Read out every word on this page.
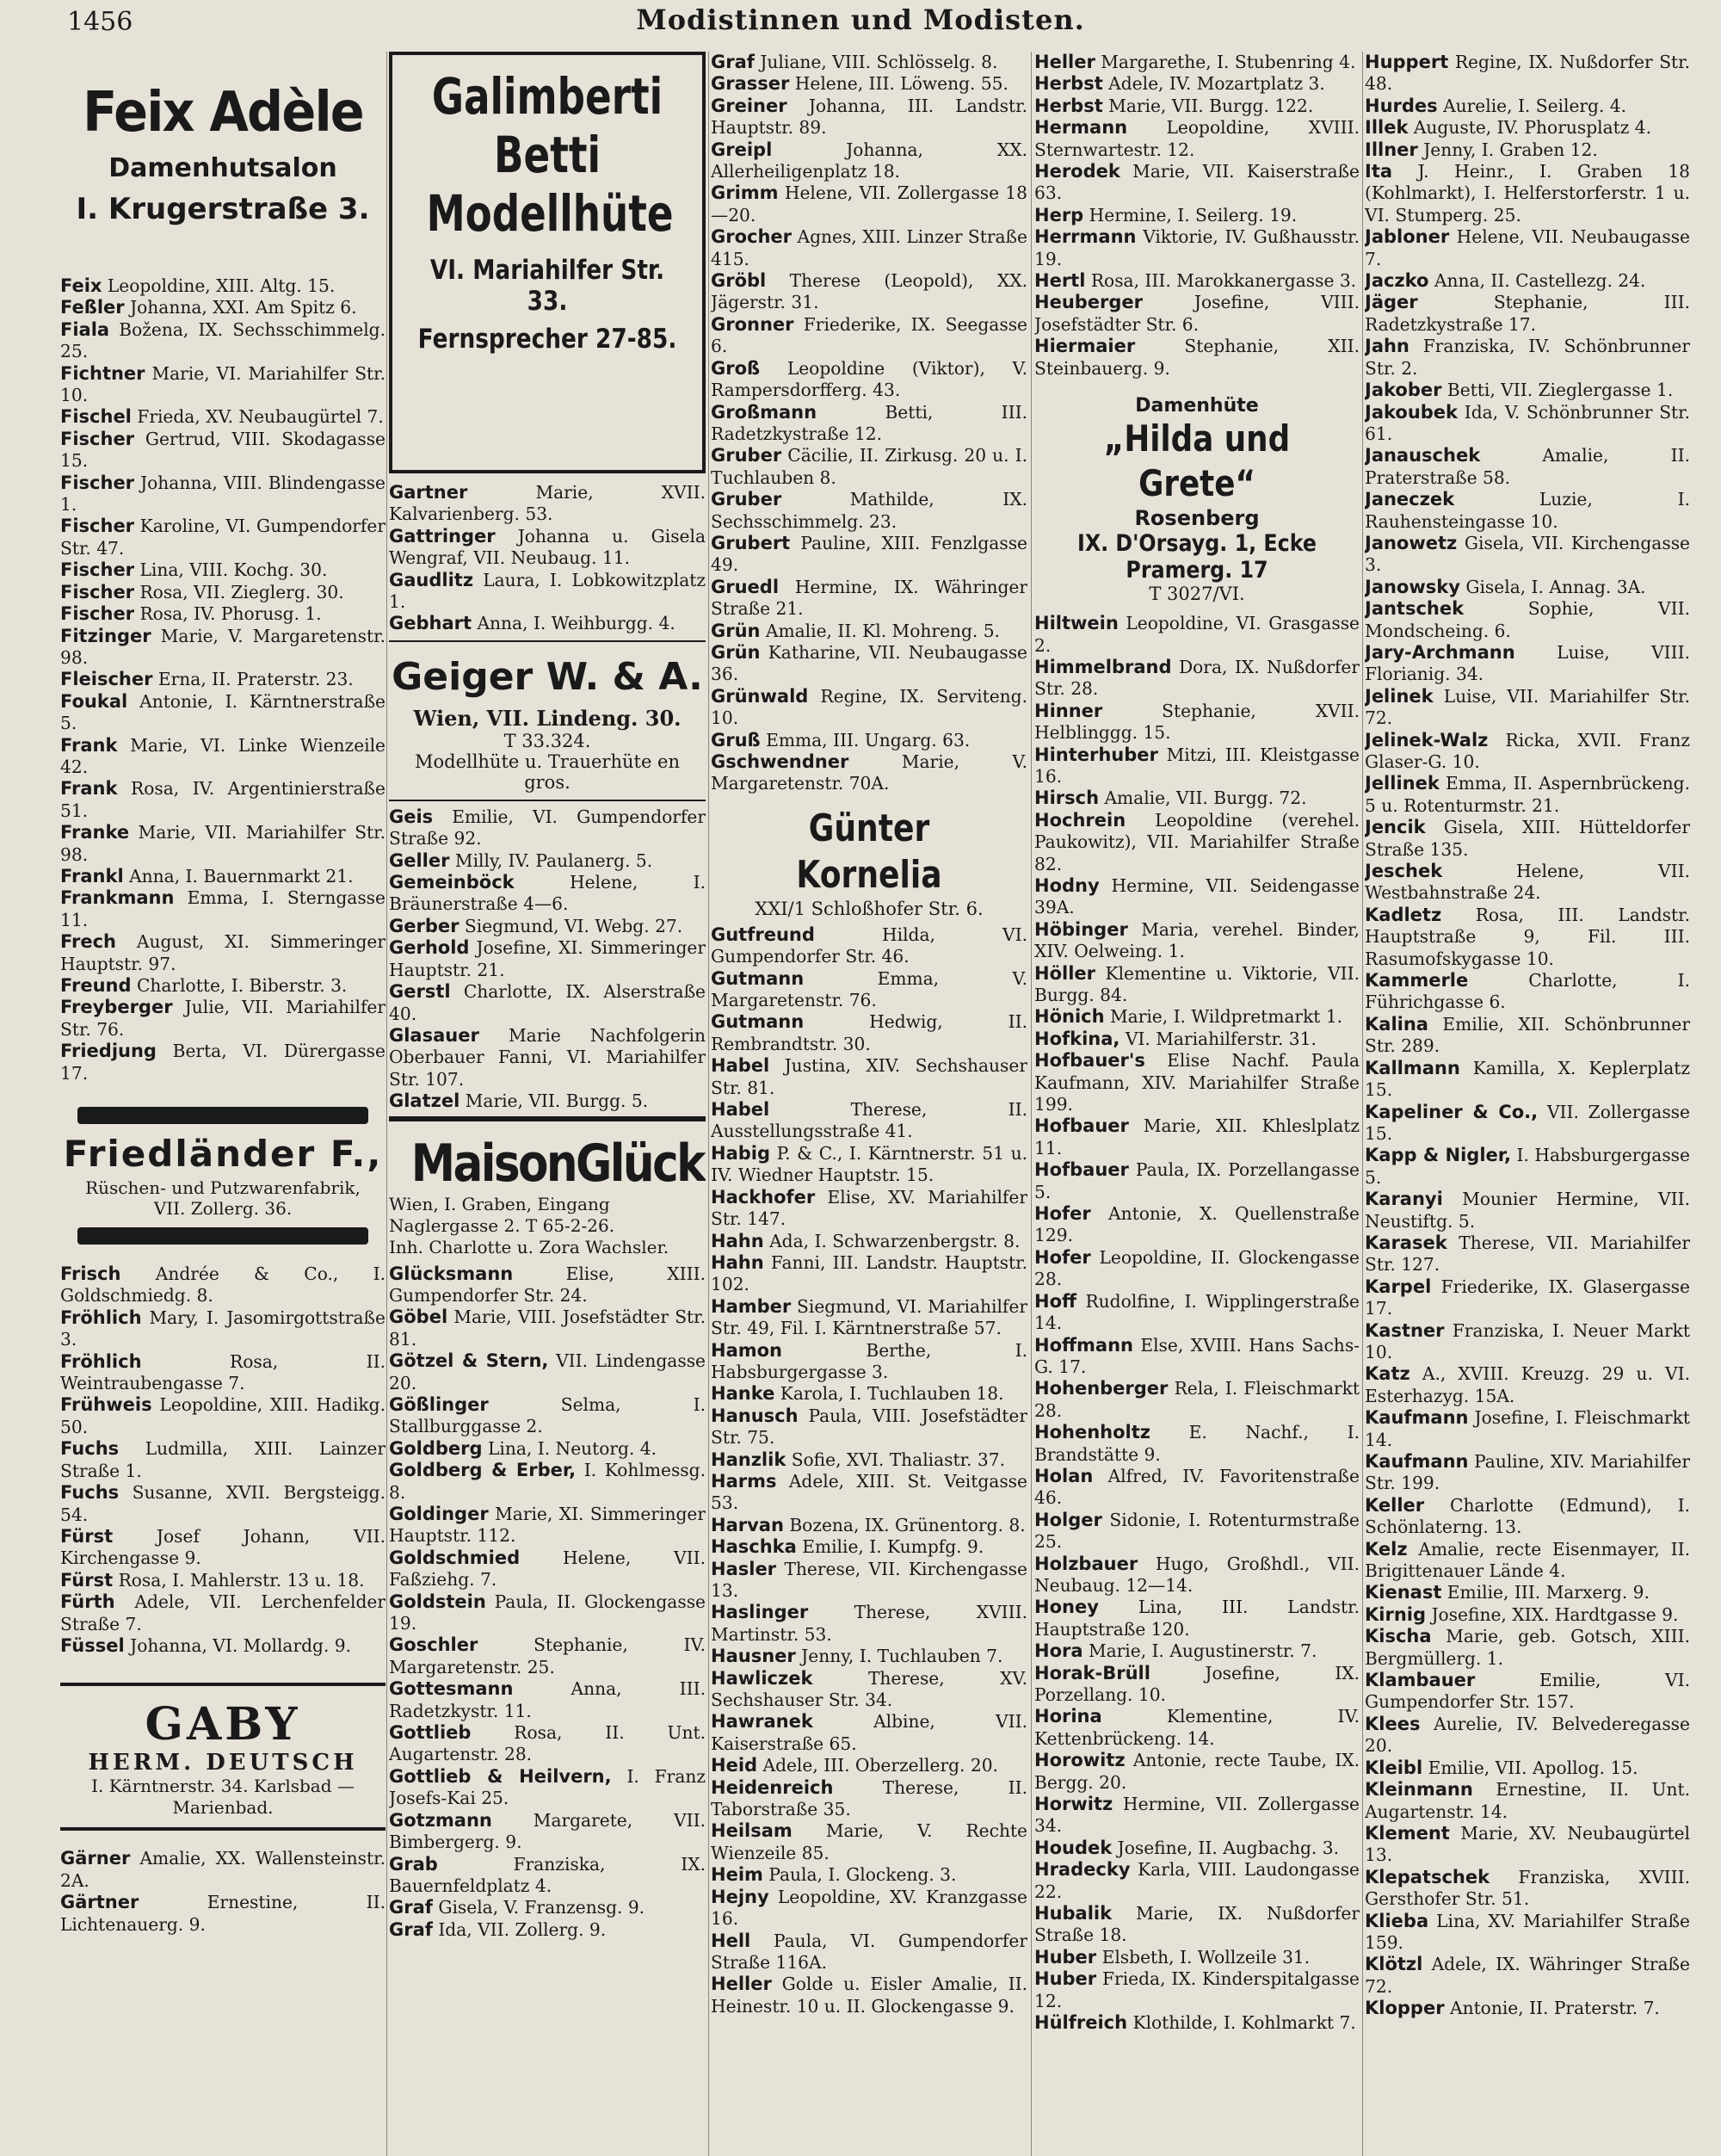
1456	Modistinnen und Modisten.
Feix Adèle
Damenhutsalon
I. Krugerstraße 3.
Feix Leopoldine, XIII. Altg. 15.
Feßler Johanna, XXI. Am Spitz 6.
Fiala Božena, IX. Sechsschimmelg. 25.
Fichtner Marie, VI. Mariahilfer Str. 10.
Fischel Frieda, XV. Neubaugürtel 7.
Fischer Gertrud, VIII. Skodagasse 15.
Fischer Johanna, VIII. Blindengasse 1.
Fischer Karoline, VI. Gumpendorfer Str. 47.
Fischer Lina, VIII. Kochg. 30.
Fischer Rosa, VII. Zieglerg. 30.
Fischer Rosa, IV. Phorusg. 1.
Fitzinger Marie, V. Margaretenstr. 98.
Fleischer Erna, II. Praterstr. 23.
Foukal Antonie, I. Kärntnerstraße 5.
Frank Marie, VI. Linke Wienzeile 42.
Frank Rosa, IV. Argentinierstraße 51.
Franke Marie, VII. Mariahilfer Str. 98.
Frankl Anna, I. Bauernmarkt 21.
Frankmann Emma, I. Sterngasse 11.
Frech August, XI. Simmeringer Hauptstr. 97.
Freund Charlotte, I. Biberstr. 3.
Freyberger Julie, VII. Mariahilfer Str. 76.
Friedjung Berta, VI. Dürergasse 17.
Friedländer F.,
Rüschen- und Putzwarenfabrik,
VII. Zollerg. 36.
Frisch Andrée & Co., I. Goldschmiedg. 8.
Fröhlich Mary, I. Jasomirgottstraße 3.
Fröhlich	Rosa, II. Weintraubengasse 7.
Frühweis Leopoldine, XIII. Hadikg. 50.
Fuchs Ludmilla, XIII. Lainzer Straße 1.
Fuchs Susanne, XVII. Bergsteigg. 54.
Fürst	Josef Johann, VII. Kirchengasse 9.
Fürst Rosa, I. Mahlerstr. 13 u. 18.
Fürth Adele, VII. Lerchenfelder Straße 7.
Füssel Johanna, VI. Mollardg. 9.
GABY
HERM. DEUTSCH
I. Kärntnerstr. 34. Karlsbad —
Marienbad.
Gärner Amalie, XX. Wallensteinstr. 2A.
Gärtner	Ernestine, II. Lichtenauerg. 9.
Galimberti
Betti
Modellhüte
VI. Mariahilfer Str. 33.
Fernsprecher 27-85.
Gartner	Marie, XVII. Kalvarienberg. 53.
Gattringer Johanna u. Gisela Wengraf, VII. Neubaug. 11.
Gaudlitz Laura, I. Lobkowitzplatz 1.
Gebhart Anna, I. Weihburgg. 4.
Geiger W. & A.
Wien, VII. Lindeng. 30.
T 33.324.
Modellhüte u. Trauerhüte en gros.
Geis Emilie, VI. Gumpendorfer Straße 92.
Geller Milly, IV. Paulanerg. 5.
Gemeinböck	Helene, I. Bräunerstraße 4—6.
Gerber Siegmund, VI. Webg. 27.
Gerhold Josefine, XI. Simmeringer Hauptstr. 21.
Gerstl Charlotte, IX. Alserstraße 40.
Glasauer Marie Nachfolgerin Oberbauer Fanni, VI. Mariahilfer Str. 107.
Glatzel Marie, VII. Burgg. 5.
MaisonGlück
Wien, I. Graben, Eingang Naglergasse 2. T 65-2-26.
Inh. Charlotte u. Zora Wachsler.
Glücksmann	Elise, XIII. Gumpendorfer Str. 24.
Göbel Marie, VIII. Josefstädter Str. 81.
Götzel & Stern, VII. Lindengasse 20.
Gößlinger	Selma, I. Stallburggasse 2.
Goldberg Lina, I. Neutorg. 4.
Goldberg & Erber, I. Kohlmessg. 8.
Goldinger Marie, XI. Simmeringer Hauptstr. 112.
Goldschmied Helene, VII. Faßziehg. 7.
Goldstein Paula, II. Glockengasse 19.
Goschler	Stephanie, IV. Margaretenstr. 25.
Gottesmann	Anna, III. Radetzkystr. 11.
Gottlieb Rosa, II. Unt. Augartenstr. 28.
Gottlieb & Heilvern, I. Franz Josefs-Kai 25.
Gotzmann Margarete, VII. Bimbergerg. 9.
Grab	Franziska, IX. Bauernfeldplatz 4.
Graf Gisela, V. Franzensg. 9.
Graf Ida, VII. Zollerg. 9.
Graf Juliane, VIII. Schlösselg. 8.
Grasser Helene, III. Löweng. 55.
Greiner Johanna, III. Landstr. Hauptstr. 89.
Greipl	Johanna, XX. Allerheiligenplatz 18.
Grimm Helene, VII. Zollergasse 18—20.
Grocher Agnes, XIII. Linzer Straße 415.
Gröbl Therese (Leopold), XX. Jägerstr. 31.
Gronner Friederike, IX. Seegasse 6.
Groß Leopoldine (Viktor), V. Rampersdorfferg. 43.
Großmann	Betti, III. Radetzkystraße 12.
Gruber Cäcilie, II. Zirkusg. 20 u. I. Tuchlauben 8.
Gruber	Mathilde, IX. Sechsschimmelg. 23.
Grubert Pauline, XIII. Fenzlgasse 49.
Gruedl Hermine, IX. Währinger Straße 21.
Grün Amalie, II. Kl. Mohreng. 5.
Grün Katharine, VII. Neubaugasse 36.
Grünwald Regine, IX. Serviteng. 10.
Gruß Emma, III. Ungarg. 63.
Gschwendner	Marie, V. Margaretenstr. 70A.
Günter Kornelia
XXI/1 Schloßhofer Str. 6.
Gutfreund	Hilda, VI. Gumpendorfer Str. 46.
Gutmann	Emma, V. Margaretenstr. 76.
Gutmann	Hedwig, II. Rembrandtstr. 30.
Habel Justina, XIV. Sechshauser Str. 81.
Habel	Therese, II. Ausstellungsstraße 41.
Habig P. & C., I. Kärntnerstr. 51 u. IV. Wiedner Hauptstr. 15.
Hackhofer Elise, XV. Mariahilfer Str. 147.
Hahn Ada, I. Schwarzenbergstr. 8.
Hahn Fanni, III. Landstr. Hauptstr. 102.
Hamber Siegmund, VI. Mariahilfer Str. 49, Fil. I. Kärntnerstraße 57.
Hamon	Berthe, I. Habsburgergasse 3.
Hanke Karola, I. Tuchlauben 18.
Hanusch Paula, VIII. Josefstädter Str. 75.
Hanzlik Sofie, XVI. Thaliastr. 37.
Harms Adele, XIII. St. Veitgasse 53.
Harvan Bozena, IX. Grünentorg. 8.
Haschka Emilie, I. Kumpfg. 9.
Hasler Therese, VII. Kirchengasse 13.
Haslinger	Therese, XVIII. Martinstr. 53.
Hausner Jenny, I. Tuchlauben 7.
Hawliczek	Therese, XV. Sechshauser Str. 34.
Hawranek	Albine, VII. Kaiserstraße 65.
Heid Adele, III. Oberzellerg. 20.
Heidenreich	Therese, II. Taborstraße 35.
Heilsam Marie, V. Rechte Wienzeile 85.
Heim Paula, I. Glockeng. 3.
Hejny Leopoldine, XV. Kranzgasse 16.
Hell Paula, VI. Gumpendorfer Straße 116A.
Heller Golde u. Eisler Amalie, II. Heinestr. 10 u. II. Glockengasse 9.
Heller Margarethe, I. Stubenring 4.
Herbst Adele, IV. Mozartplatz 3.
Herbst Marie, VII. Burgg. 122.
Hermann Leopoldine, XVIII. Sternwartestr. 12.
Herodek Marie, VII. Kaiserstraße 63.
Herp Hermine, I. Seilerg. 19.
Herrmann Viktorie, IV. Gußhausstr. 19.
Hertl Rosa, III. Marokkanergasse 3.
Heuberger	Josefine, VIII. Josefstädter Str. 6.
Hiermaier	Stephanie, XII. Steinbauerg. 9.
Damenhüte
„Hilda und Grete“
Rosenberg
IX. D'Orsayg. 1, Ecke Pramerg. 17
T 3027/VI.
Hiltwein Leopoldine, VI. Grasgasse 2.
Himmelbrand Dora, IX. Nußdorfer Str. 28.
Hinner	Stephanie, XVII. Helblinggg. 15.
Hinterhuber Mitzi, III. Kleistgasse 16.
Hirsch Amalie, VII. Burgg. 72.
Hochrein Leopoldine (verehel. Paukowitz), VII. Mariahilfer Straße 82.
Hodny Hermine, VII. Seidengasse 39A.
Höbinger Maria, verehel. Binder, XIV. Oelweing. 1.
Höller Klementine u. Viktorie, VII. Burgg. 84.
Hönich Marie, I. Wildpretmarkt 1.
Hofkina, VI. Mariahilferstr. 31.
Hofbauer's Elise Nachf. Paula Kaufmann, XIV. Mariahilfer Straße 199.
Hofbauer Marie, XII. Khleslplatz 11.
Hofbauer Paula, IX. Porzellangasse 5.
Hofer Antonie, X. Quellenstraße 129.
Hofer Leopoldine, II. Glockengasse 28.
Hoff Rudolfine, I. Wipplingerstraße 14.
Hoffmann Else, XVIII. Hans Sachs-G. 17.
Hohenberger Rela, I. Fleischmarkt 28.
Hohenholtz E. Nachf., I. Brandstätte 9.
Holan Alfred, IV. Favoritenstraße 46.
Holger Sidonie, I. Rotenturmstraße 25.
Holzbauer Hugo, Großhdl., VII. Neubaug. 12—14.
Honey Lina, III. Landstr. Hauptstraße 120.
Hora Marie, I. Augustinerstr. 7.
Horak-Brüll	Josefine, IX. Porzellang. 10.
Horina	Klementine, IV. Kettenbrückeng. 14.
Horowitz Antonie, recte Taube, IX. Bergg. 20.
Horwitz Hermine, VII. Zollergasse 34.
Houdek Josefine, II. Augbachg. 3.
Hradecky Karla, VIII. Laudongasse 22.
Hubalik Marie, IX. Nußdorfer Straße 18.
Huber Elsbeth, I. Wollzeile 31.
Huber Frieda, IX. Kinderspitalgasse 12.
Hülfreich Klothilde, I. Kohlmarkt 7.
Huppert Regine, IX. Nußdorfer Str. 48.
Hurdes Aurelie, I. Seilerg. 4.
Illek Auguste, IV. Phorusplatz 4.
Illner Jenny, I. Graben 12.
Ita J. Heinr., I. Graben 18 (Kohlmarkt), I. Helferstorferstr. 1 u. VI. Stumperg. 25.
Jabloner Helene, VII. Neubaugasse 7.
Jaczko Anna, II. Castellezg. 24.
Jäger	Stephanie, III. Radetzkystraße 17.
Jahn Franziska, IV. Schönbrunner Str. 2.
Jakober Betti, VII. Zieglergasse 1.
Jakoubek Ida, V. Schönbrunner Str. 61.
Janauschek	Amalie, II. Praterstraße 58.
Janeczek	Luzie, I. Rauhensteingasse 10.
Janowetz Gisela, VII. Kirchengasse 3.
Janowsky Gisela, I. Annag. 3A.
Jantschek	Sophie, VII. Mondscheing. 6.
Jary-Archmann Luise, VIII. Florianig. 34.
Jelinek Luise, VII. Mariahilfer Str. 72.
Jelinek-Walz Ricka, XVII. Franz Glaser-G. 10.
Jellinek Emma, II. Aspernbrückeng. 5 u. Rotenturmstr. 21.
Jencik Gisela, XIII. Hütteldorfer Straße 135.
Jeschek	Helene, VII. Westbahnstraße 24.
Kadletz Rosa, III. Landstr. Hauptstraße 9, Fil. III. Rasumofskygasse 10.
Kammerle	Charlotte, I. Führichgasse 6.
Kalina Emilie, XII. Schönbrunner Str. 289.
Kallmann Kamilla, X. Keplerplatz 15.
Kapeliner & Co., VII. Zollergasse 15.
Kapp & Nigler, I. Habsburgergasse 5.
Karanyi Mounier Hermine, VII. Neustiftg. 5.
Karasek Therese, VII. Mariahilfer Str. 127.
Karpel Friederike, IX. Glasergasse 17.
Kastner Franziska, I. Neuer Markt 10.
Katz A., XVIII. Kreuzg. 29 u. VI. Esterhazyg. 15A.
Kaufmann Josefine, I. Fleischmarkt 14.
Kaufmann Pauline, XIV. Mariahilfer Str. 199.
Keller Charlotte (Edmund), I. Schönlaterng. 13.
Kelz Amalie, recte Eisenmayer, II. Brigittenauer Lände 4.
Kienast Emilie, III. Marxerg. 9.
Kirnig Josefine, XIX. Hardtgasse 9.
Kischa Marie, geb. Gotsch, XIII. Bergmüllerg. 1.
Klambauer	Emilie, VI. Gumpendorfer Str. 157.
Klees Aurelie, IV. Belvederegasse 20.
Kleibl Emilie, VII. Apollog. 15.
Kleinmann Ernestine, II. Unt. Augartenstr. 14.
Klement Marie, XV. Neubaugürtel 13.
Klepatschek Franziska, XVIII. Gersthofer Str. 51.
Klieba Lina, XV. Mariahilfer Straße 159.
Klötzl Adele, IX. Währinger Straße 72.
Klopper Antonie, II. Praterstr. 7.
